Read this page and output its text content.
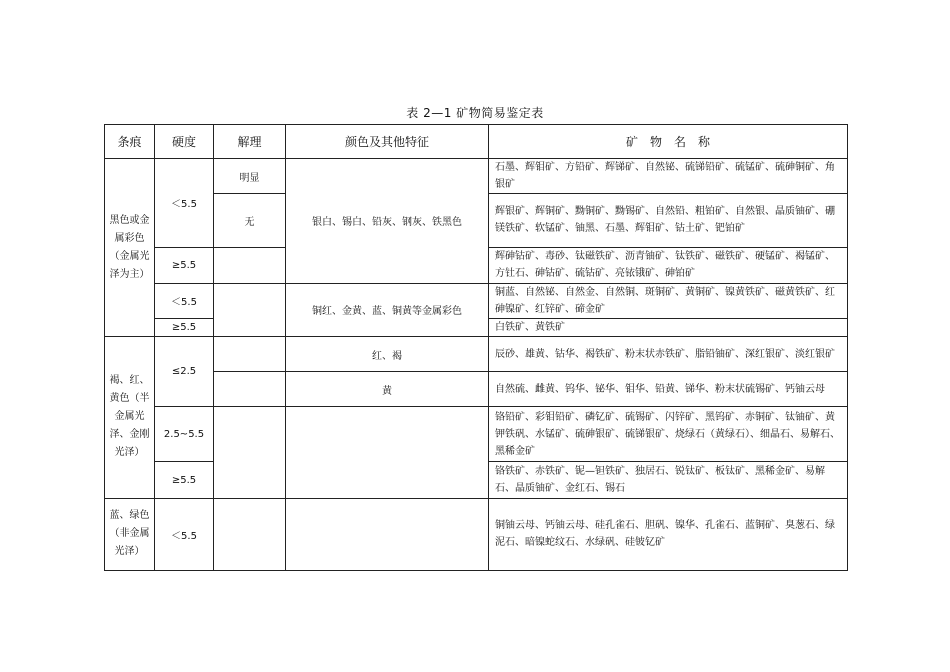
表 2—1 矿物简易鉴定表
条痕	硬度	解理	颜色及其他特征	矿　物　名　称
黑色或金属彩色（金属光泽为主）	＜5.5	明显	银白、锡白、铅灰、钢灰、铁黑色	石墨、辉钼矿、方铅矿、辉锑矿、自然铋、硫锑铅矿、硫锰矿、硫砷铜矿、角银矿
		无		辉银矿、辉铜矿、黝铜矿、黝锡矿、自然铅、粗铂矿、自然银、晶质铀矿、硼镁铁矿、软锰矿、铀黑、石墨、辉钼矿、钴土矿、钯铂矿
	≥5.5			辉砷钴矿、毒砂、钛磁铁矿、沥青铀矿、钛铁矿、磁铁矿、硬锰矿、褐锰矿、方钍石、砷钴矿、硫钴矿、亮铱锇矿、砷铂矿
	＜5.5		铜红、金黄、蓝、铜黄等金属彩色	铜蓝、自然铋、自然金、自然铜、斑铜矿、黄铜矿、镍黄铁矿、磁黄铁矿、红砷镍矿、红锌矿、碲金矿
	≥5.5			白铁矿、黄铁矿
褐、红、黄色（半金属光泽、金刚光泽）	≤2.5		红、褐	辰砂、雄黄、钴华、褐铁矿、粉末状赤铁矿、脂铅铀矿、深红银矿、淡红银矿
			黄	自然硫、雌黄、钨华、铋华、钼华、铅黄、锑华、粉末状硫锡矿、钙铀云母
	2.5~5.5			铬铅矿、彩钼铅矿、磷钇矿、硫锡矿、闪锌矿、黑钨矿、赤铜矿、钛铀矿、黄钾铁矾、水锰矿、硫砷银矿、硫锑银矿、烧绿石（黄绿石）、细晶石、易解石、黑稀金矿
	≥5.5			铬铁矿、赤铁矿、铌—钽铁矿、独居石、锐钛矿、板钛矿、黑稀金矿、易解石、晶质铀矿、金红石、锡石
蓝、绿色（非金属光泽）	＜5.5			铜铀云母、钙铀云母、硅孔雀石、胆矾、镍华、孔雀石、蓝铜矿、臭葱石、绿泥石、暗镍蛇纹石、水绿矾、硅铍钇矿
